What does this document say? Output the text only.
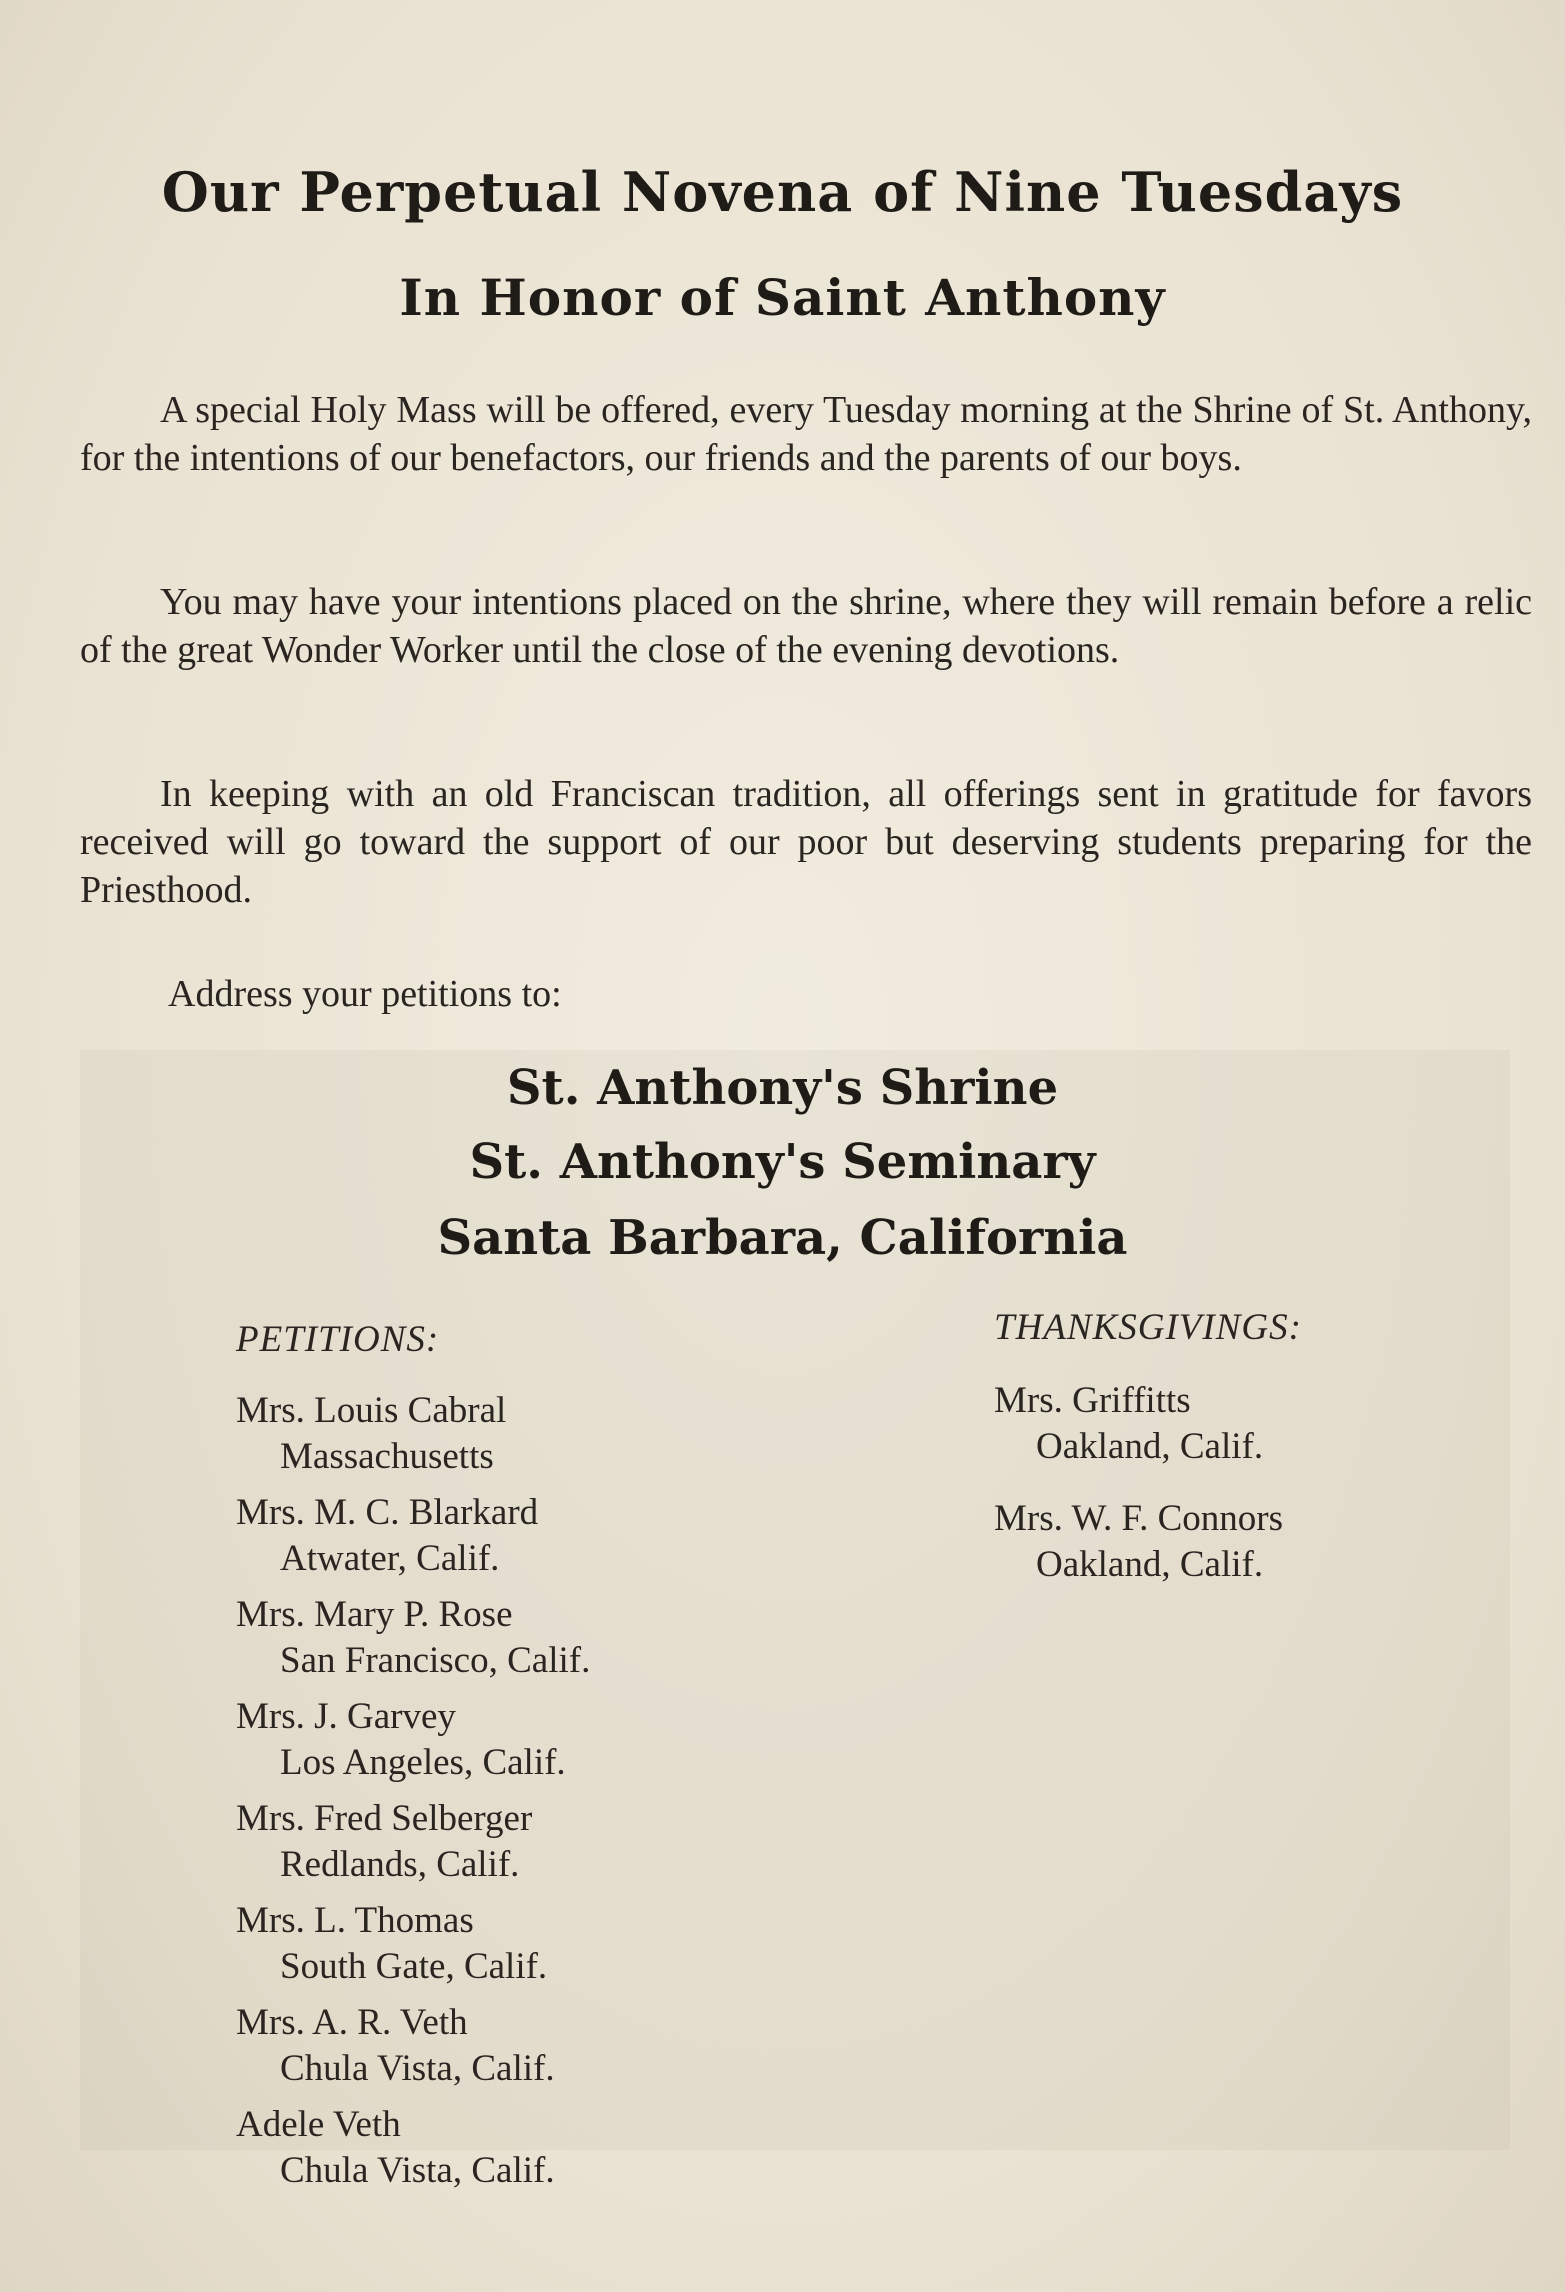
Our Perpetual Novena of Nine Tuesdays
In Honor of Saint Anthony
A special Holy Mass will be offered, every Tuesday morning at the Shrine of St. Anthony, for the intentions of our benefactors, our friends and the parents of our boys.
You may have your intentions placed on the shrine, where they will remain before a relic of the great Wonder Worker until the close of the evening devotions.
In keeping with an old Franciscan tradition, all offerings sent in gratitude for favors received will go toward the support of our poor but deserving students preparing for the Priesthood.
Address your petitions to:
St. Anthony's Shrine
St. Anthony's Seminary
Santa Barbara, California
PETITIONS:	THANKSGIVINGS:
Mrs. Louis Cabral
Massachusetts
Mrs. M. C. Blarkard
Atwater, Calif.
Mrs. Mary P. Rose
San Francisco, Calif.
Mrs. J. Garvey
Los Angeles, Calif.
Mrs. Fred Selberger
Redlands, Calif.
Mrs. L. Thomas
South Gate, Calif.
Mrs. A. R. Veth
Chula Vista, Calif.
Adele Veth
Chula Vista, Calif.
Mrs. Griffitts
Oakland, Calif.
Mrs. W. F. Connors
Oakland, Calif.
